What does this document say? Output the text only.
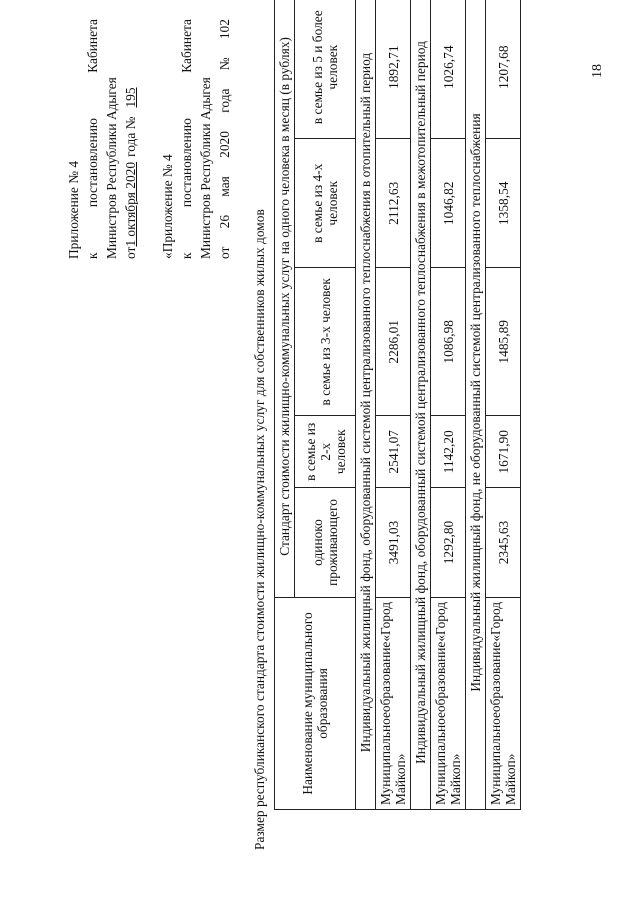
18
Приложение № 4 к
постановлению
Кабинета
Министров Республики Адыгея от
1 октября 2020
года №
195
«Приложение № 4 к
постановлению
Кабинета
Министров Республики Адыгея от
26
мая
2020
года
№
102
Размер республиканского стандарта стоимости жилищно-коммунальных услуг для собственников жилых домов Наименование муниципального образования	Стандарт стоимости жилищно-коммунальных услуг на одного человека в месяц (в рублях)				
	одиноко проживающего	в семье из 2-х человек	в семье из 3-х человек	в семье из 4-х человек	в семье из 5 и более человек
Индивидуальный жилищный фонд, оборудованный системой централизованного теплоснабжения в отопительный период					

Муниципальное
образование
«Город
Майкоп»	3491,03	2541,07	2286,01	2112,63	1892,71
Индивидуальный жилищный фонд, оборудованный системой централизованного теплоснабжения в межотопительный период					

Муниципальное
образование
«Город
Майкоп»	1292,80	1142,20	1086,98	1046,82	1026,74
Индивидуальный жилищный фонд, не оборудованный системой централизованного теплоснабжения					

Муниципальное
образование
«Город
Майкоп»	2345,63	1671,90	1485,89	1358,54	1207,68
